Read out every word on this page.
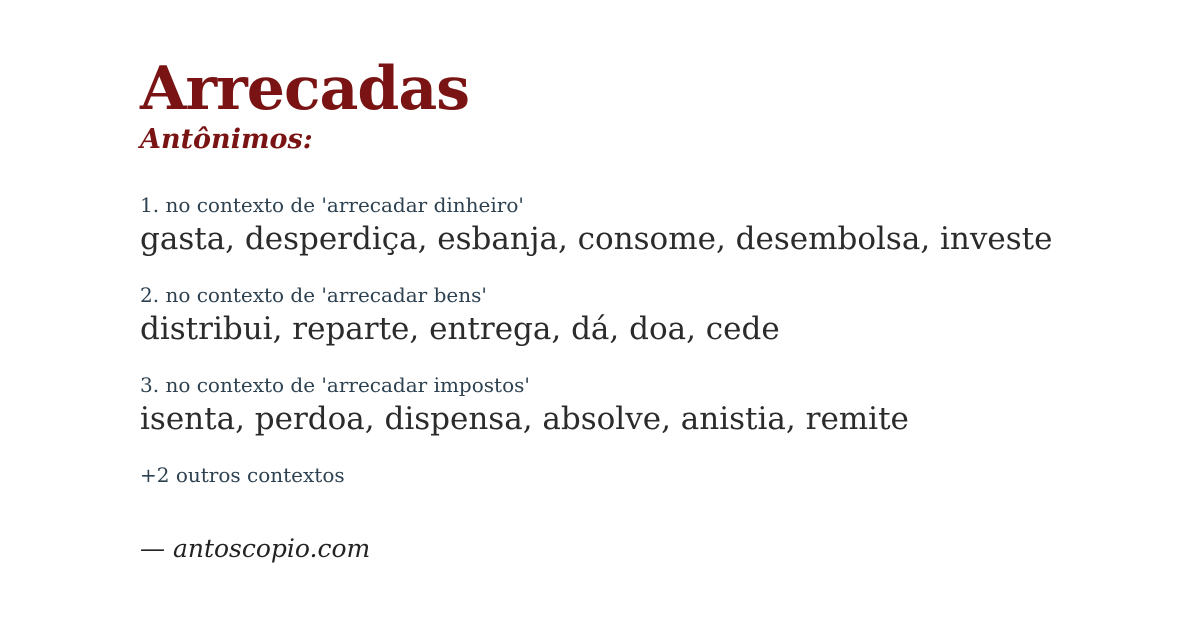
Arrecadas
Antônimos:
1. no contexto de 'arrecadar dinheiro'
gasta, desperdiça, esbanja, consome, desembolsa, investe
2. no contexto de 'arrecadar bens'
distribui, reparte, entrega, dá, doa, cede
3. no contexto de 'arrecadar impostos'
isenta, perdoa, dispensa, absolve, anistia, remite
+2 outros contextos
— antoscopio.com
